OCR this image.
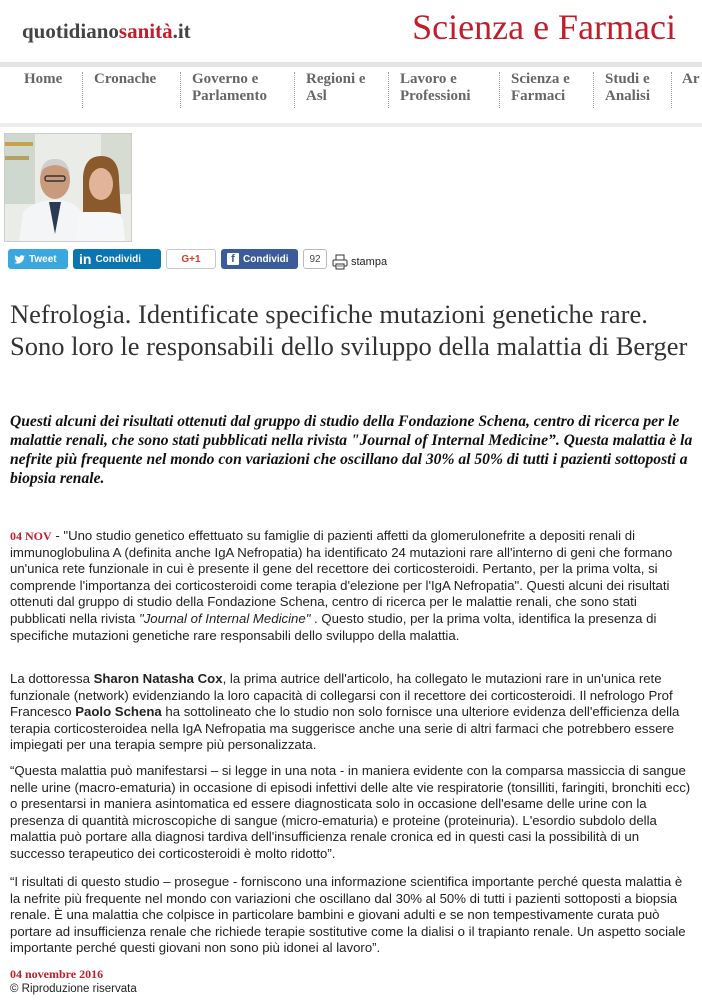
quotidianosanità.it	Scienza e Farmaci
Home Cronache Governo e
Parlamento
Regioni e
Asl
Lavoro e
Professioni
Scienza e
Farmaci
Studi e
Analisi
Ar
Tweet in Condividi	G+1	f Condividi	92	stampa
Nefrologia. Identificate specifiche mutazioni genetiche rare. Sono loro le responsabili dello sviluppo della malattia di Berger

Questi alcuni dei risultati ottenuti dal gruppo di studio della Fondazione Schena, centro di ricerca per le malattie renali, che sono stati pubblicati nella rivista "Journal of Internal Medicine”. Questa malattia è la nefrite più frequente nel mondo con variazioni che oscillano dal 30% al 50% di tutti i pazienti sottoposti a biopsia renale.

04 NOV - "Uno studio genetico effettuato su famiglie di pazienti affetti da glomerulonefrite a depositi renali di immunoglobulina A (definita anche IgA Nefropatia) ha identificato 24 mutazioni rare all'interno di geni che formano un'unica rete funzionale in cui è presente il gene del recettore dei corticosteroidi. Pertanto, per la prima volta, si comprende l'importanza dei corticosteroidi come terapia d'elezione per l'IgA Nefropatia". Questi alcuni dei risultati ottenuti dal gruppo di studio della Fondazione Schena, centro di ricerca per le malattie renali, che sono stati pubblicati nella rivista "Journal of Internal Medicine" . Questo studio, per la prima volta, identifica la presenza di specifiche mutazioni genetiche rare responsabili dello sviluppo della malattia.

La dottoressa Sharon Natasha Cox, la prima autrice dell'articolo, ha collegato le mutazioni rare in un'unica rete funzionale (network) evidenziando la loro capacità di collegarsi con il recettore dei corticosteroidi. Il nefrologo Prof Francesco Paolo Schena ha sottolineato che lo studio non solo fornisce una ulteriore evidenza dell'efficienza della terapia corticosteroidea nella IgA Nefropatia ma suggerisce anche una serie di altri farmaci che potrebbero essere impiegati per una terapia sempre più personalizzata.

“Questa malattia può manifestarsi – si legge in una nota - in maniera evidente con la comparsa massiccia di sangue nelle urine (macro-ematuria) in occasione di episodi infettivi delle alte vie respiratorie (tonsilliti, faringiti, bronchiti ecc) o presentarsi in maniera asintomatica ed essere diagnosticata solo in occasione dell'esame delle urine con la presenza di quantità microscopiche di sangue (micro-ematuria) e proteine (proteinuria). L'esordio subdolo della malattia può portare alla diagnosi tardiva dell'insufficienza renale cronica ed in questi casi la possibilità di un successo terapeutico dei corticosteroidi è molto ridotto”.

“I risultati di questo studio – prosegue - forniscono una informazione scientifica importante perché questa malattia è la nefrite più frequente nel mondo con variazioni che oscillano dal 30% al 50% di tutti i pazienti sottoposti a biopsia renale. È una malattia che colpisce in particolare bambini e giovani adulti e se non tempestivamente curata può portare ad insufficienza renale che richiede terapie sostitutive come la dialisi o il trapianto renale. Un aspetto sociale importante perché questi giovani non sono più idonei al lavoro”.

04 novembre 2016
© Riproduzione riservata
